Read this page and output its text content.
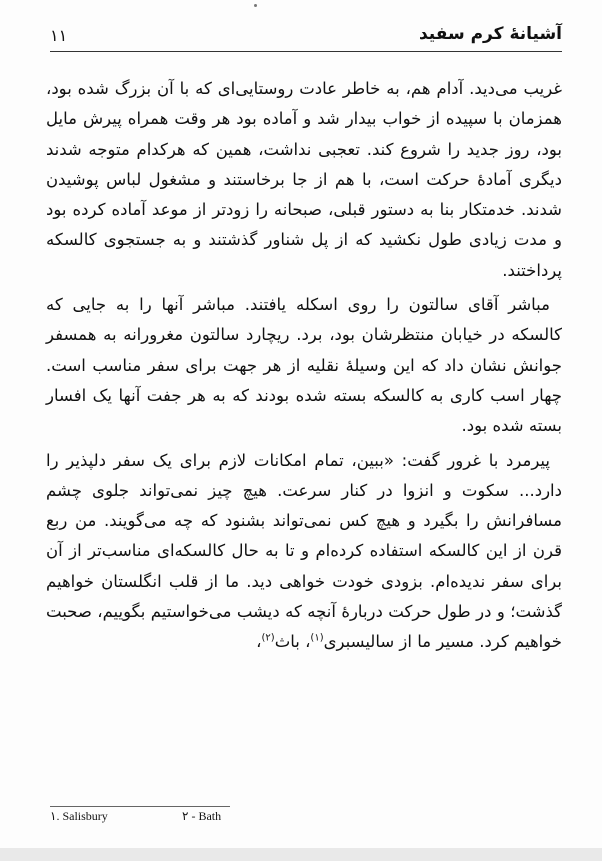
آشیانهٔ کرم سفید
۱۱

غریب می‌دید. آدام هم، به خاطر عادت روستایی‌ای که با آن بزرگ شده بود، همزمان با سپیده از خواب بیدار شد و آماده بود هر وقت همراه پیرش مایل بود، روز جدید را شروع کند. تعجبی نداشت، همین که هرکدام متوجه شدند دیگری آمادهٔ حرکت است، با هم از جا برخاستند و مشغول لباس پوشیدن شدند. خدمتکار بنا به دستور قبلی، صبحانه را زودتر از موعد آماده کرده بود و مدت زیادی طول نکشید که از پل شناور گذشتند و به جستجوی کالسکه پرداختند.

مباشر آقای سالتون را روی اسکله یافتند. مباشر آنها را به جایی که کالسکه در خیابان منتظرشان بود، برد. ریچارد سالتون مغرورانه به همسفر جوانش نشان داد که این وسیلهٔ نقلیه از هر جهت برای سفر مناسب است. چهار اسب کاری به کالسکه بسته شده بودند که به هر جفت آنها یک افسار بسته شده بود.

پیرمرد با غرور گفت: «ببین، تمام امکانات لازم برای یک سفر دلپذیر را دارد... سکوت و انزوا در کنار سرعت. هیچ چیز نمی‌تواند جلوی چشم مسافرانش را بگیرد و هیچ کس نمی‌تواند بشنود که چه می‌گویند. من ربع قرن از این کالسکه استفاده کرده‌ام و تا به حال کالسکه‌ای مناسب‌تر از آن برای سفر ندیده‌ام. بزودی خودت خواهی دید. ما از قلب انگلستان خواهیم گذشت؛ و در طول حرکت دربارهٔ آنچه که دیشب می‌خواستیم بگوییم، صحبت خواهیم کرد. مسیر ما از سالیسبری$^{(۱)}$، باث$^{(۲)}$،

۱. Salisbury	۲ - Bath
